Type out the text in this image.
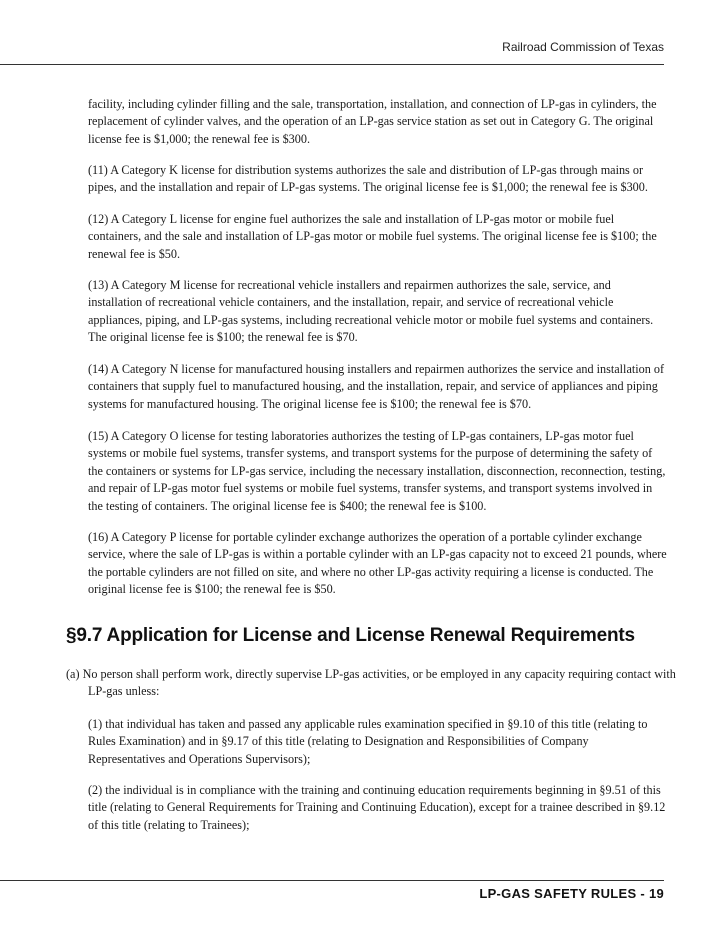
Railroad Commission of Texas

facility, including cylinder filling and the sale, transportation, installation, and connection of LP-gas in cylinders, the replacement of cylinder valves, and the operation of an LP-gas service station as set out in Category G. The original license fee is $1,000; the renewal fee is $300.

(11) A Category K license for distribution systems authorizes the sale and distribution of LP-gas through mains or pipes, and the installation and repair of LP-gas systems. The original license fee is $1,000; the renewal fee is $300.

(12) A Category L license for engine fuel authorizes the sale and installation of LP-gas motor or mobile fuel containers, and the sale and installation of LP-gas motor or mobile fuel systems. The original license fee is $100; the renewal fee is $50.

(13) A Category M license for recreational vehicle installers and repairmen authorizes the sale, service, and installation of recreational vehicle containers, and the installation, repair, and service of recreational vehicle appliances, piping, and LP-gas systems, including recreational vehicle motor or mobile fuel systems and containers. The original license fee is $100; the renewal fee is $70.

(14) A Category N license for manufactured housing installers and repairmen authorizes the service and installation of containers that supply fuel to manufactured housing, and the installation, repair, and service of appliances and piping systems for manufactured housing. The original license fee is $100; the renewal fee is $70.

(15) A Category O license for testing laboratories authorizes the testing of LP-gas containers, LP-gas motor fuel systems or mobile fuel systems, transfer systems, and transport systems for the purpose of determining the safety of the containers or systems for LP-gas service, including the necessary installation, disconnection, reconnection, testing, and repair of LP-gas motor fuel systems or mobile fuel systems, transfer systems, and transport systems involved in the testing of containers. The original license fee is $400; the renewal fee is $100.

(16) A Category P license for portable cylinder exchange authorizes the operation of a portable cylinder exchange service, where the sale of LP-gas is within a portable cylinder with an LP-gas capacity not to exceed 21 pounds, where the portable cylinders are not filled on site, and where no other LP-gas activity requiring a license is conducted. The original license fee is $100; the renewal fee is $50.

§9.7 Application for License and License Renewal Requirements

(a) No person shall perform work, directly supervise LP-gas activities, or be employed in any capacity requiring contact with LP-gas unless:

(1) that individual has taken and passed any applicable rules examination specified in §9.10 of this title (relating to Rules Examination) and in §9.17 of this title (relating to Designation and Responsibilities of Company Representatives and Operations Supervisors);

(2) the individual is in compliance with the training and continuing education requirements beginning in §9.51 of this title (relating to General Requirements for Training and Continuing Education), except for a trainee described in §9.12 of this title (relating to Trainees);

LP-GAS SAFETY RULES - 19
